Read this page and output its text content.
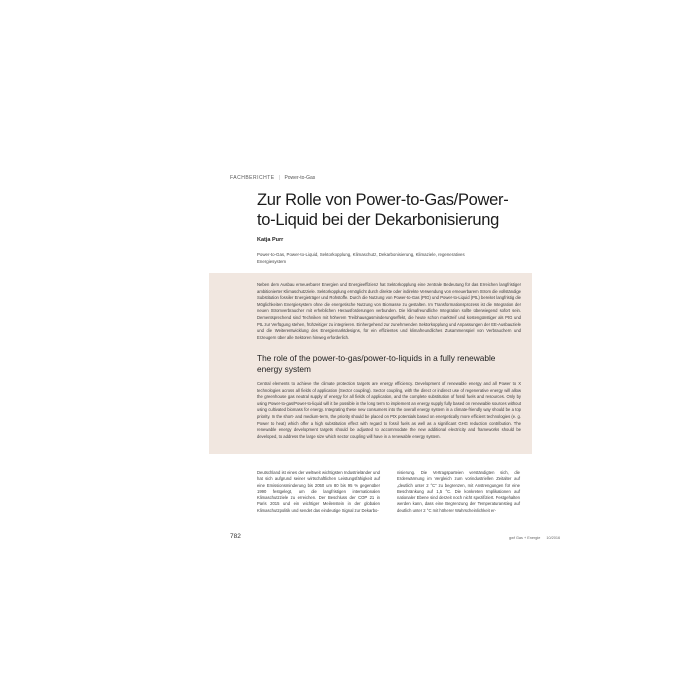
FACHBERICHTE | Power-to-Gas
Zur Rolle von Power-to-Gas/Power-to-Liquid bei der Dekarbonisierung
Katja Purr
Power-to-Gas, Power-to-Liquid, Sektorkopplung, Klimaschutz, Dekarbonisierung, Klimaziele, regeneratives Energiesystem

Neben dem Ausbau erneuerbarer Energien und Energieeffizienz hat Sektorkopplung eine zentrale Bedeutung für das Erreichen langfristiger ambitionierter Klimaschutzziele. Sektorkopplung ermöglicht durch direkte oder indirekte Verwendung von erneuerbarem Strom die vollständige Substitution fossiler Energieträger und Rohstoffe. Durch die Nutzung von Power-to-Gas (PtG) und Power-to-Liquid (PtL) bereitet langfristig die Möglichkeiten Energiesystem ohne die energetische Nutzung von Biomasse zu gestalten. Im Transformationsprozess ist die Integration der neuen Stromverbraucher mit erheblichen Herausforderungen verbunden. Die klimafreundliche Integration sollte überwiegend sofort sein. Dementsprechend sind Techniken mit höherem Treibhausgasminderungseffekt, die heute schon marktreif und kostengünstiger als PtG und PtL zur Verfügung stehen, frühzeitiger zu integrieren. Einhergehend zur zunehmenden Sektorkopplung und Anpassungen der EE-Ausbauziele und die Weiterentwicklung des Energiemarktdesigns, für ein effizientes und klimafreundliches Zusammenspiel von Verbrauchern und Erzeugern über alle Sektoren hinweg erforderlich.

The role of the power-to-gas/power-to-liquids in a fully renewable energy system

Central elements to achieve the climate protection targets are energy efficiency. Development of renewable energy and all Power to X technologies across all fields of application (Sector coupling). Sector coupling, with the direct or indirect use of regenerative energy will allow the greenhouse gas neutral supply of energy for all fields of application, and the complete substitution of fossil fuels and resources. Only by using Power-to-gas/Power-to-liquid will it be possible in the long term to implement an energy supply fully based on renewable sources without using cultivated biomass for energy. Integrating these new consumers into the overall energy system in a climate-friendly way should be a top priority. In the short- and medium-term, the priority should be placed on PtX potentials based on energetically more efficient technologies (e. g. Power to heat) which offer a high substitution effect with regard to fossil fuels as well as a significant GHG reduction contribution. The renewable energy development targets should be adjusted to accommodate the new additional electricity and frameworks should be developed, to address the large size which sector coupling will have in a renewable energy system.

Deutschland ist eines der weltweit wichtigsten Industrieländer und hat sich aufgrund seiner wirtschaftlichen Leistungsfähigkeit auf eine Emissionsminderung bis 2050 um 80 bis 95 % gegenüber 1990 festgelegt, um die langfristigen internationalen Klimaschutzziele zu erreichen. Der Beschluss der COP 21 in Paris 2015 und ein wichtiger Meilenstein in der globalen Klimaschutzpolitik und sendet das eindeutige Signal zur Dekarbo-

nisierung. Die Vertragsparteien verständigten sich, die Erderwärmung im Vergleich zum vorindustriellen Zeitalter auf „deutlich unter 2 °C“ zu begrenzen, mit Anstrengungen für eine Beschränkung auf 1,5 °C. Die konkreten Implikationen auf nationaler Ebene sind derzeit noch nicht spezifiziert. Festgehalten werden kann, dass eine Begrenzung der Temperaturanstieg auf deutlich unter 2 °C mit höherer Wahrscheinlichkeit er-

782	gwf Gas + Energie 10/2016
